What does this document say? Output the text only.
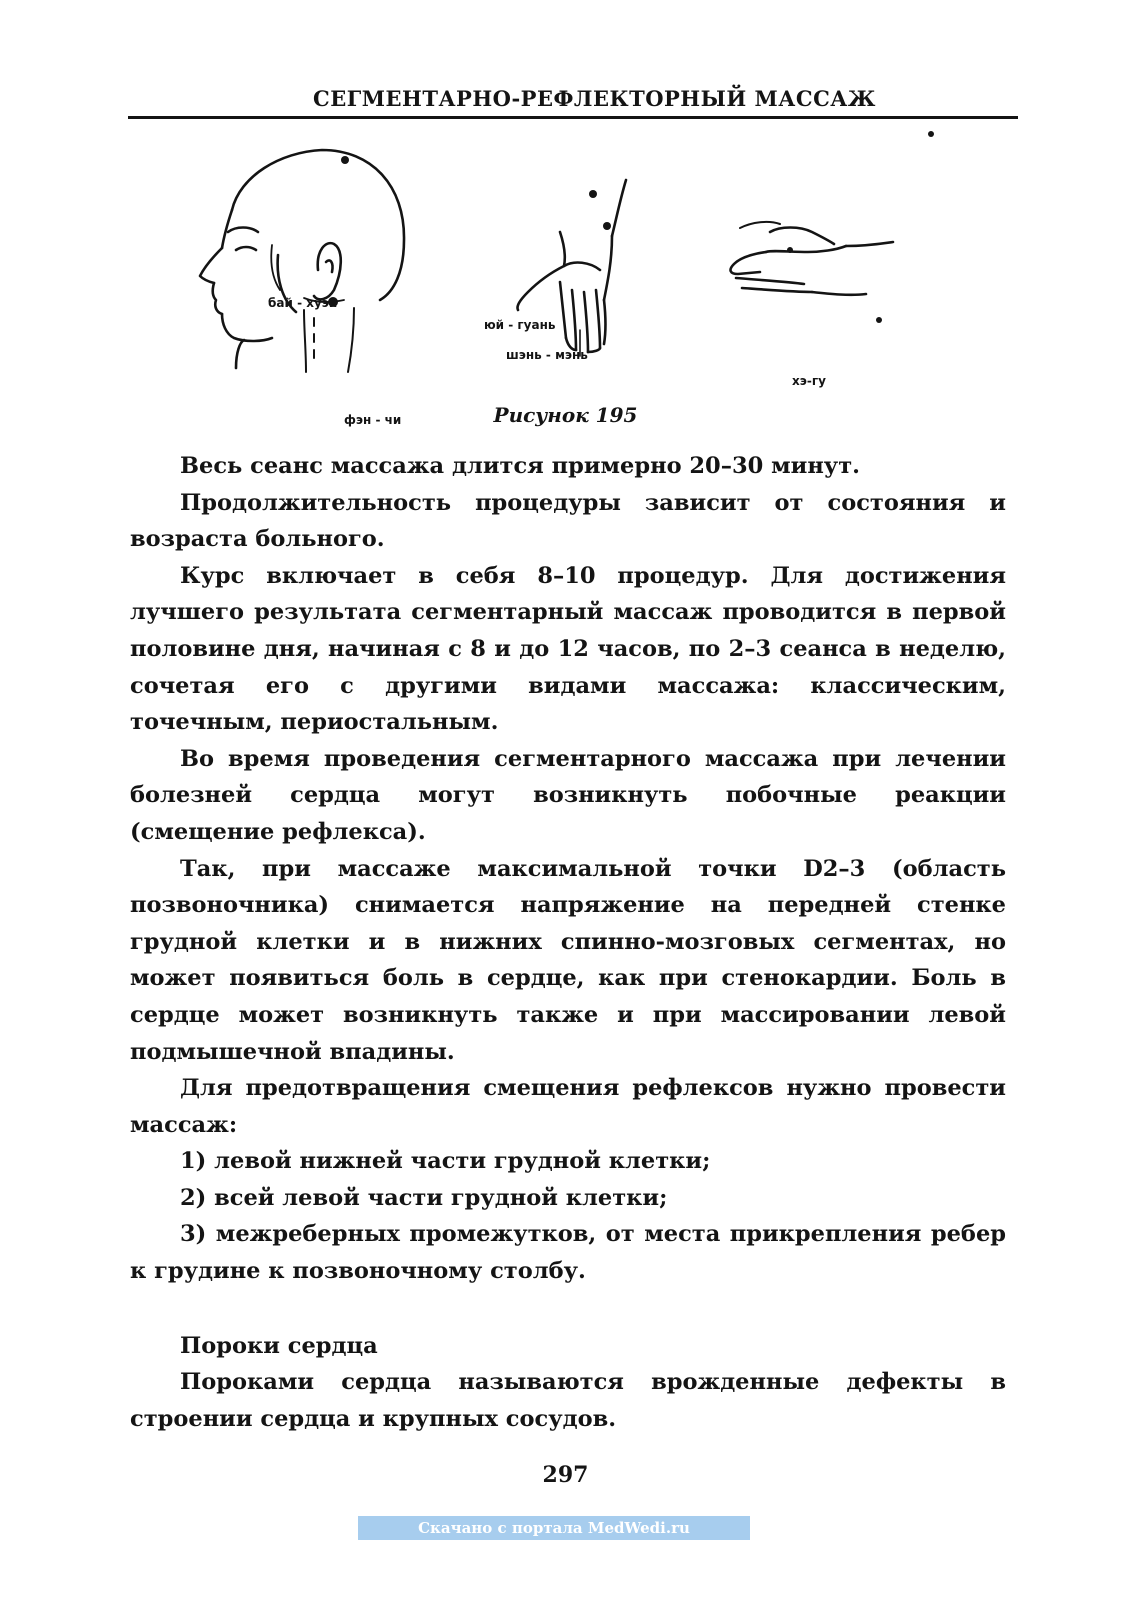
СЕГМЕНТАРНО-РЕФЛЕКТОРНЫЙ МАССАЖ
бай - хуэй
фэн - чи
юй - гуань
шэнь - мэнь
хэ-гу
Рисунок 195

Весь сеанс массажа длится примерно 20–30 минут.

Продолжительность процедуры зависит от состояния и возраста больного.

Курс включает в себя 8–10 процедур. Для достижения лучшего результата сегментарный массаж проводится в первой половине дня, начиная с 8 и до 12 часов, по 2–3 сеанса в неделю, сочетая его с другими видами массажа: классическим, точечным, периостальным.

Во время проведения сегментарного массажа при лечении болезней сердца могут возникнуть побочные реакции (смещение рефлекса).

Так, при массаже максимальной точки D2–3 (область позвоночника) снимается напряжение на передней стенке грудной клетки и в нижних спинно-мозговых сегментах, но может появиться боль в сердце, как при стенокардии. Боль в сердце может возникнуть также и при массировании левой подмышечной впадины.

Для предотвращения смещения рефлексов нужно провести массаж:

1) левой нижней части грудной клетки;

2) всей левой части грудной клетки;

3) межреберных промежутков, от места прикрепления ребер к грудине к позвоночному столбу.

Пороки сердца

Пороками сердца называются врожденные дефекты в строении сердца и крупных сосудов.

297
Скачано с портала MedWedi.ru
